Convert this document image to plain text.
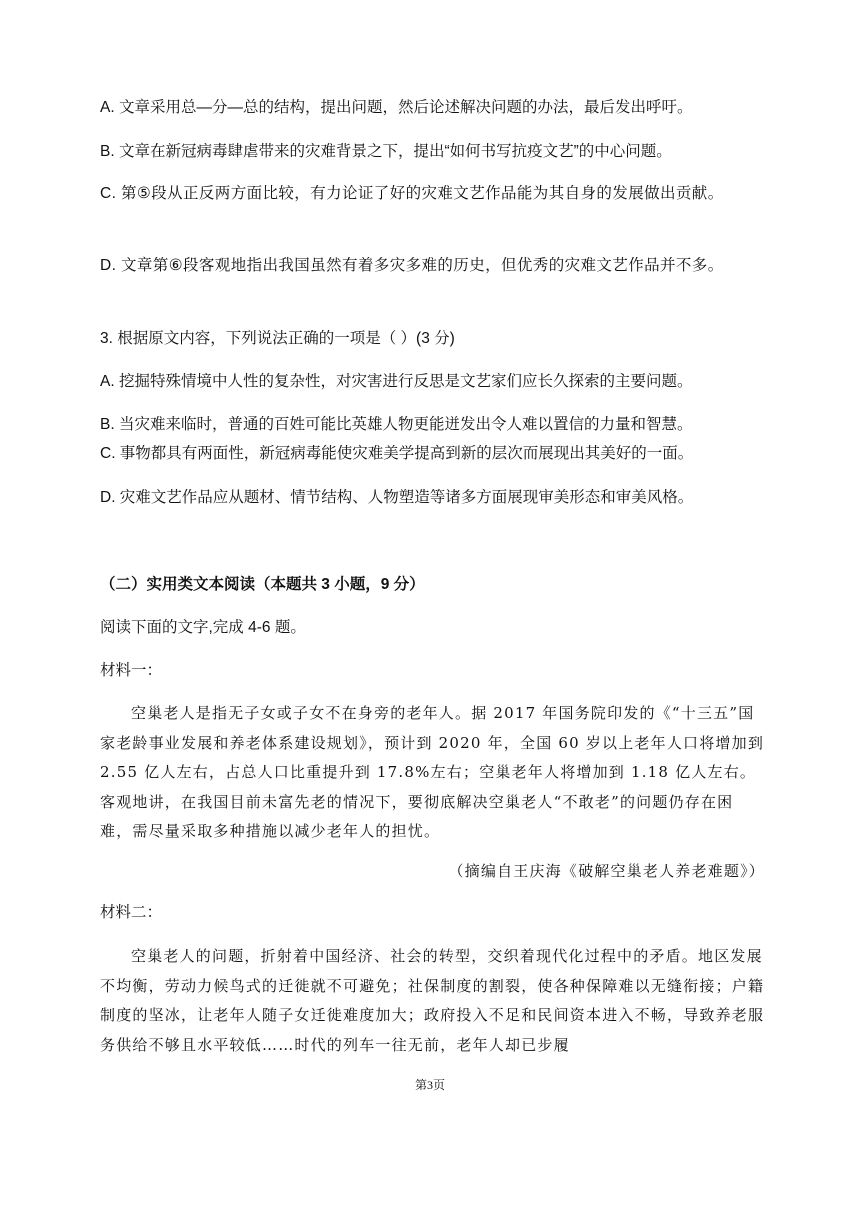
A. 文章采用总—分—总的结构，提出问题，然后论述解决问题的办法，最后发出呼吁。
B. 文章在新冠病毒肆虐带来的灾难背景之下，提出“如何书写抗疫文艺”的中心问题。
C. 第⑤段从正反两方面比较，有力论证了好的灾难文艺作品能为其自身的发展做出贡献。
D. 文章第⑥段客观地指出我国虽然有着多灾多难的历史，但优秀的灾难文艺作品并不多。
3. 根据原文内容，下列说法正确的一项是（ ）(3 分)
A. 挖掘特殊情境中人性的复杂性，对灾害进行反思是文艺家们应长久探索的主要问题。
B. 当灾难来临时，普通的百姓可能比英雄人物更能迸发出令人难以置信的力量和智慧。
C. 事物都具有两面性，新冠病毒能使灾难美学提高到新的层次而展现出其美好的一面。
D. 灾难文艺作品应从题材、情节结构、人物塑造等诸多方面展现审美形态和审美风格。
（二）实用类文本阅读（本题共 3 小题，9 分）
阅读下面的文字,完成 4-6 题。
材料一：
空巢老人是指无子女或子女不在身旁的老年人。据 2017 年国务院印发的《“十三五”国家老龄事业发展和养老体系建设规划》，预计到 2020 年，全国 60 岁以上老年人口将增加到 2.55 亿人左右，占总人口比重提升到 17.8%左右；空巢老年人将增加到 1.18 亿人左右。客观地讲，在我国目前未富先老的情况下，要彻底解决空巢老人“不敢老”的问题仍存在困难，需尽量采取多种措施以减少老年人的担忧。
（摘编自王庆海《破解空巢老人养老难题》）
材料二：
空巢老人的问题，折射着中国经济、社会的转型，交织着现代化过程中的矛盾。地区发展不均衡，劳动力候鸟式的迁徙就不可避免；社保制度的割裂，使各种保障难以无缝衔接；户籍制度的坚冰，让老年人随子女迁徙难度加大；政府投入不足和民间资本进入不畅，导致养老服务供给不够且水平较低……时代的列车一往无前，老年人却已步履
第3页
